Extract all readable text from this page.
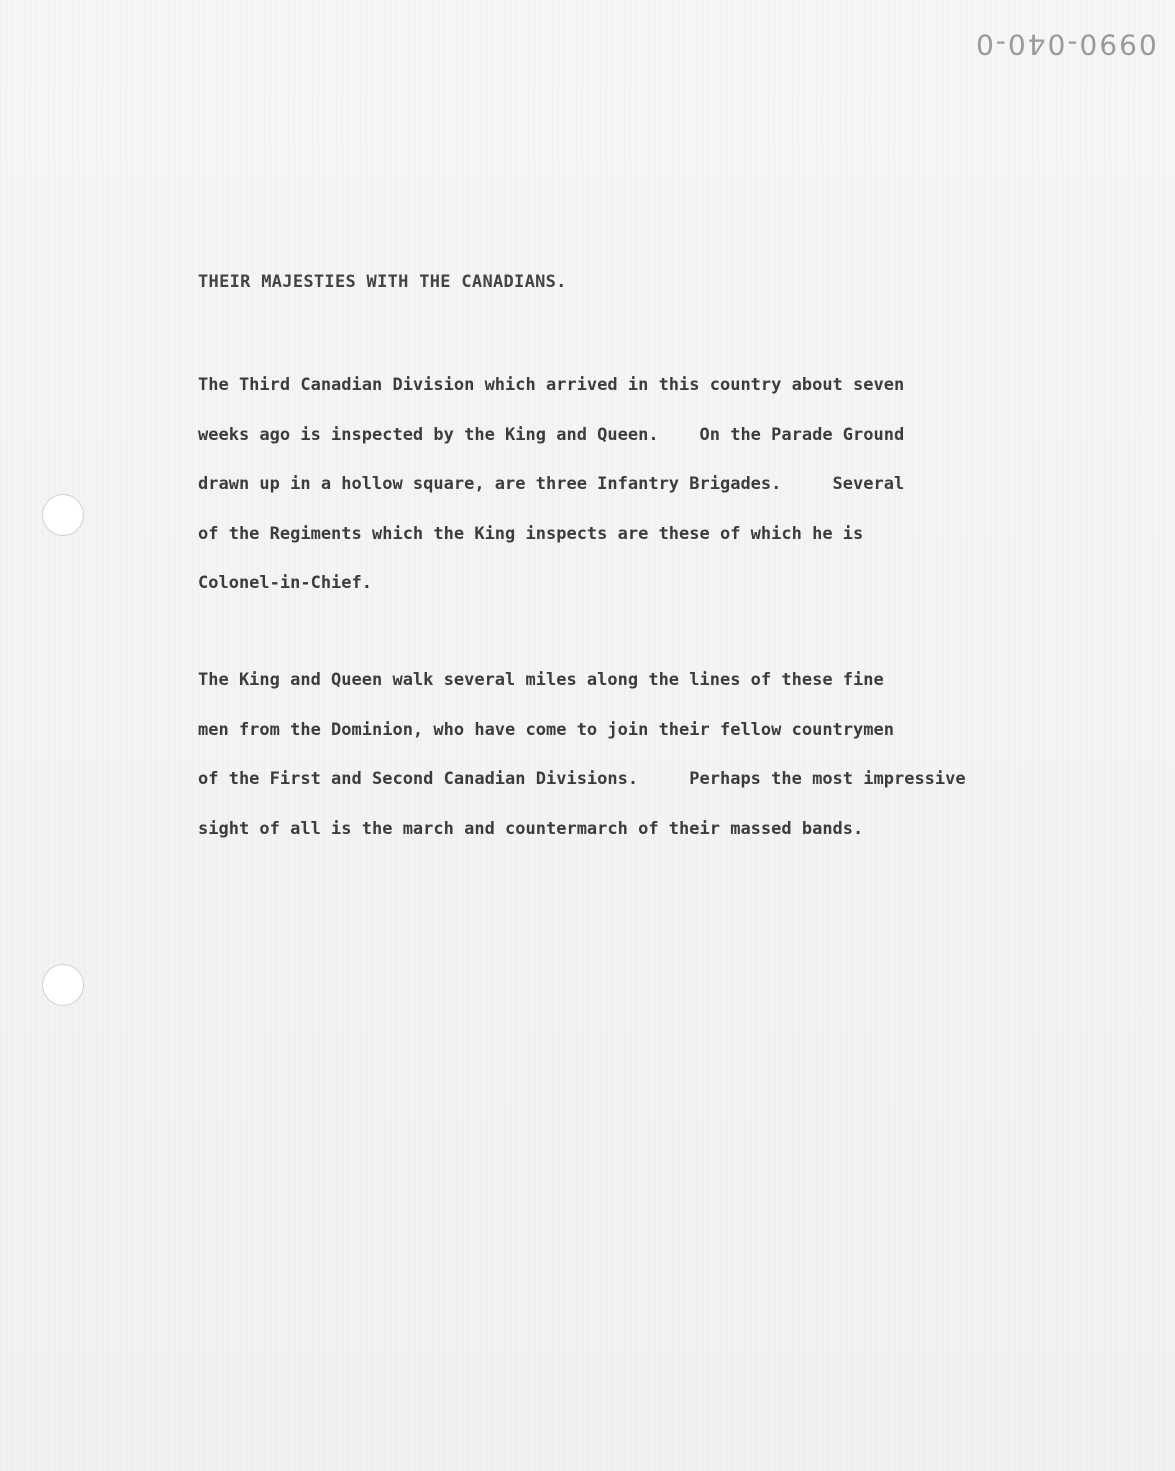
0990-040-0
THEIR MAJESTIES WITH THE CANADIANS.
The Third Canadian Division which arrived in this country about seven
weeks ago is inspected by the King and Queen.    On the Parade Ground
drawn up in a hollow square, are three Infantry Brigades.     Several
of the Regiments which the King inspects are these of which he is
Colonel-in-Chief.
The King and Queen walk several miles along the lines of these fine
men from the Dominion, who have come to join their fellow countrymen
of the First and Second Canadian Divisions.     Perhaps the most impressive
sight of all is the march and countermarch of their massed bands.
